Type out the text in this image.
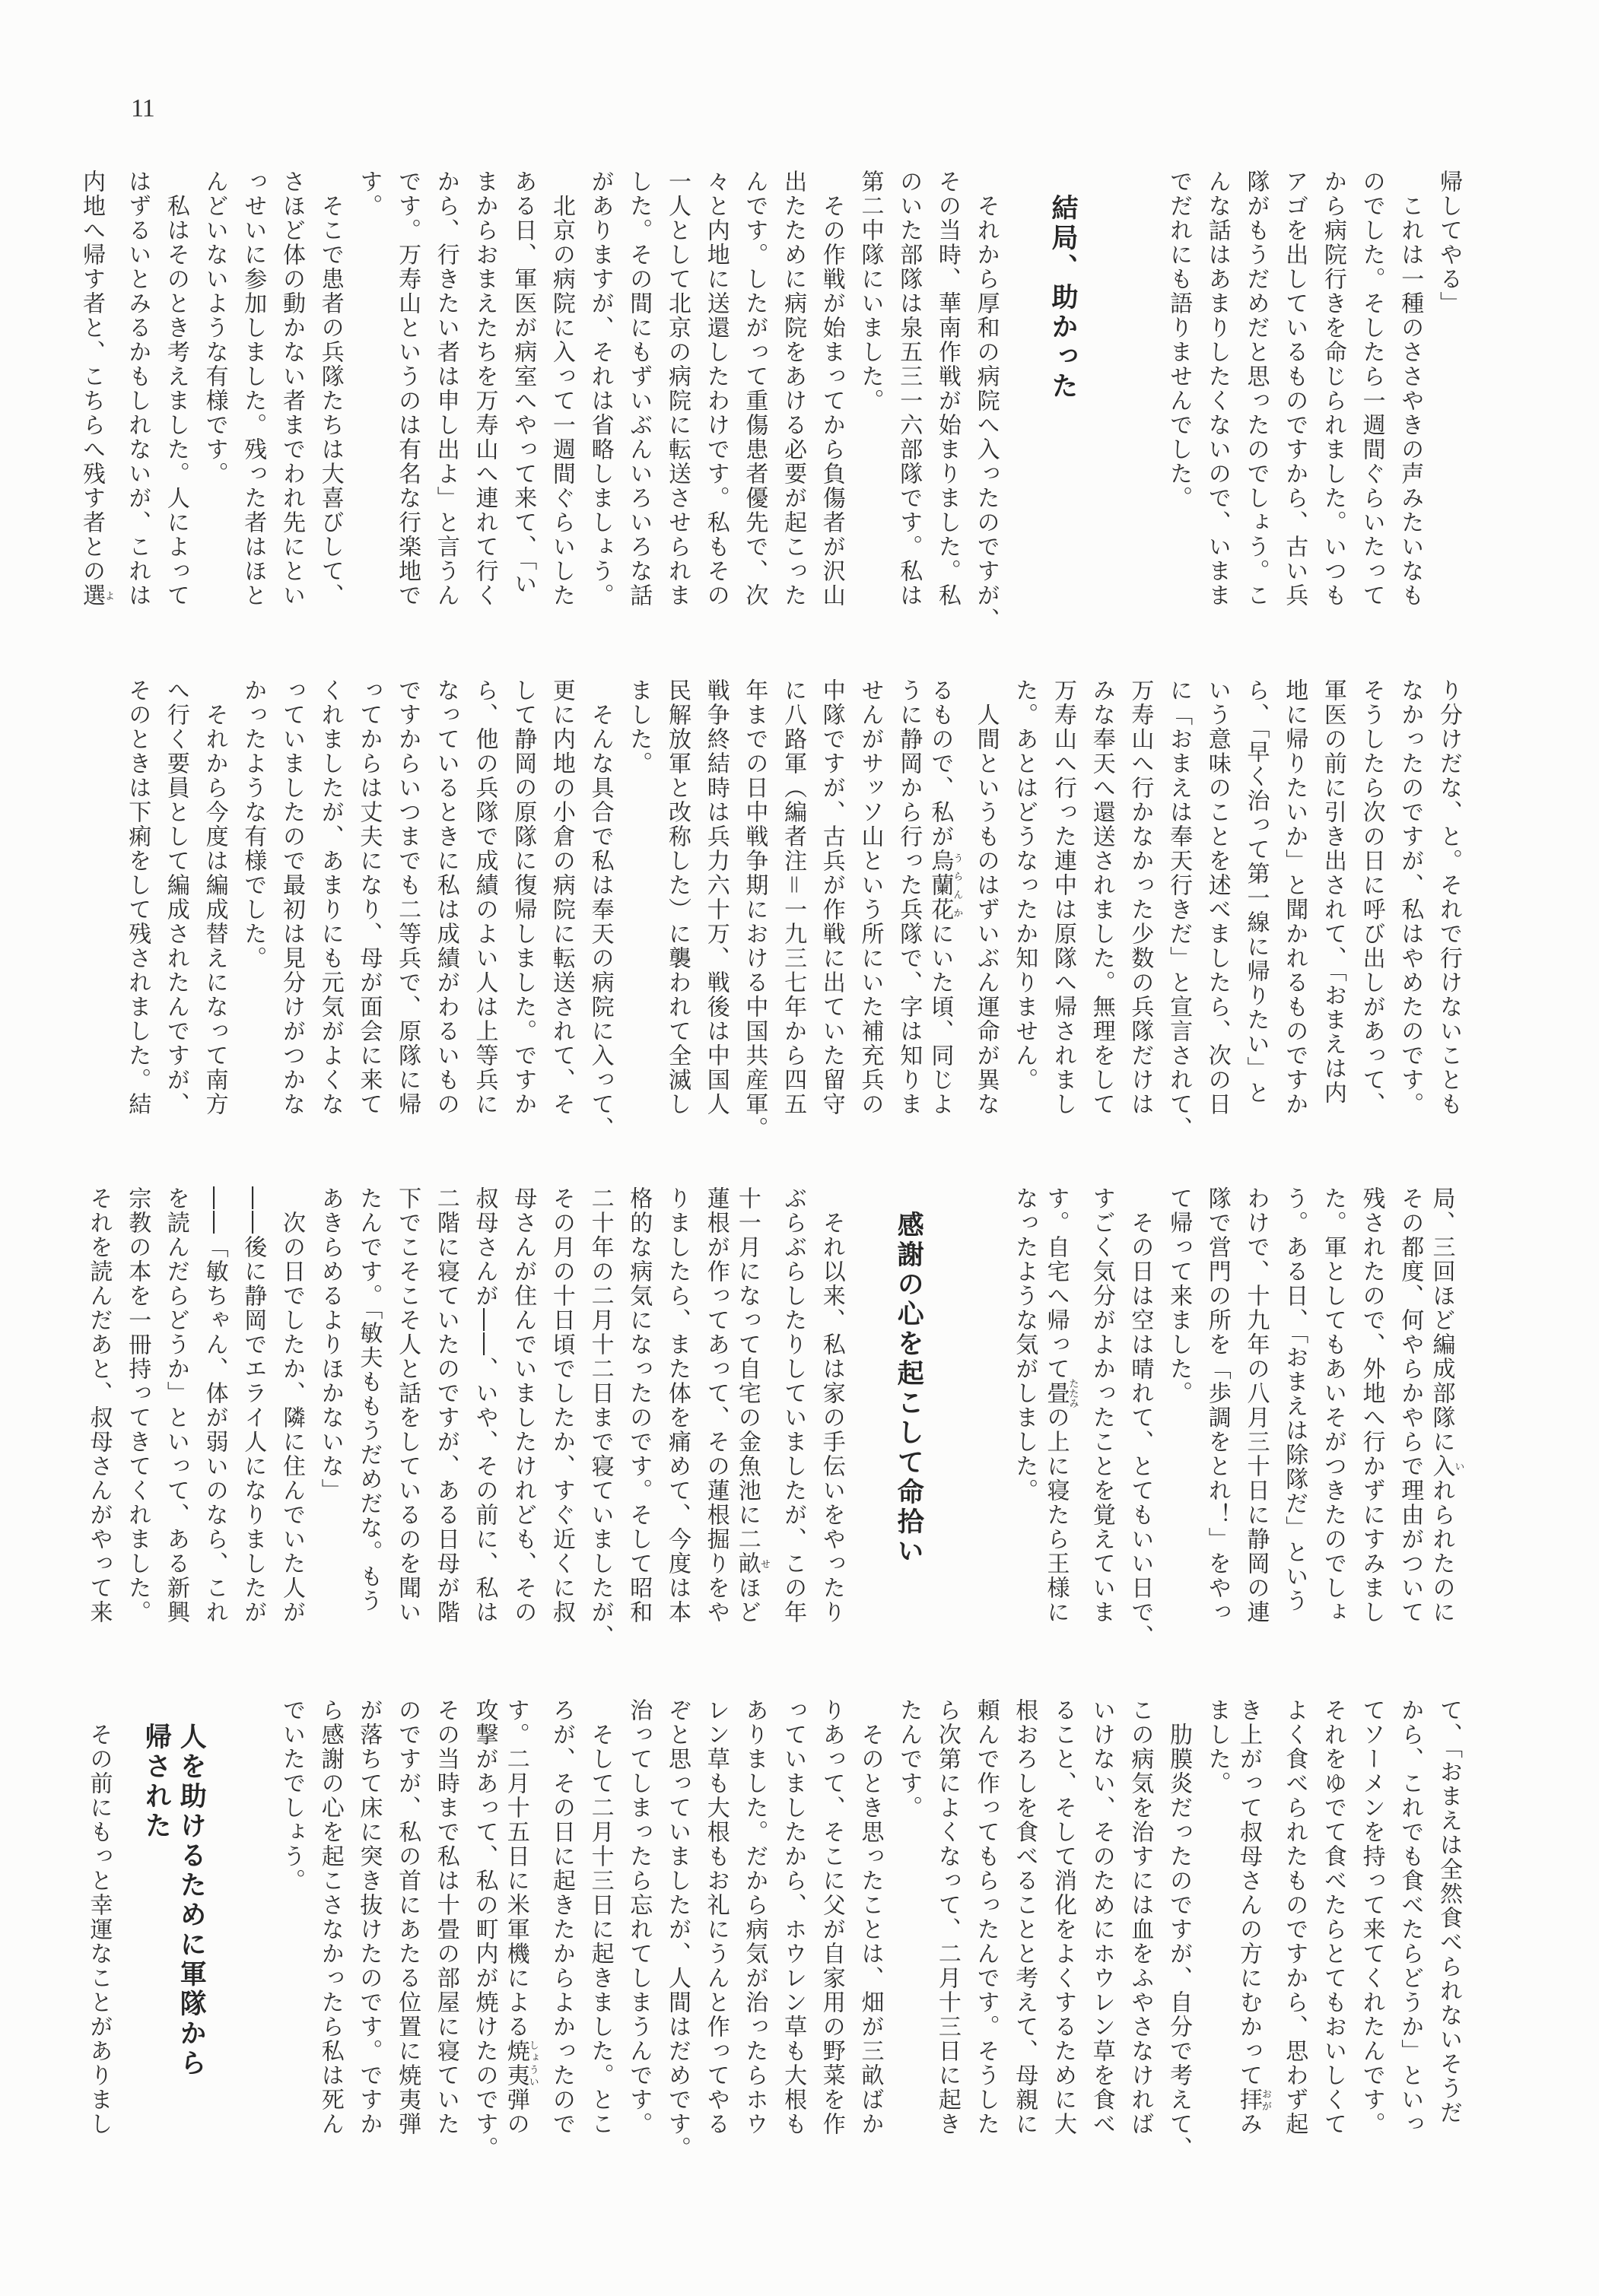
11
帰してやる」
　これは一種のささやきの声みたいなも
のでした。そしたら一週間ぐらいたって
から病院行きを命じられました。いつも
アゴを出しているものですから、古い兵
隊がもうだめだと思ったのでしょう。こ
んな話はあまりしたくないので、いまま
でだれにも語りませんでした。
結局、助かった
　それから厚和の病院へ入ったのですが、
その当時、華南作戦が始まりました。私
のいた部隊は泉五三一六部隊です。私は
第二中隊にいました。
　その作戦が始まってから負傷者が沢山
出たために病院をあける必要が起こった
んです。したがって重傷患者優先で、次
々と内地に送還したわけです。私もその
一人として北京の病院に転送させられま
した。その間にもずいぶんいろいろな話
がありますが、それは省略しましょう。
　北京の病院に入って一週間ぐらいした
ある日、軍医が病室へやって来て、「い
まからおまえたちを万寿山へ連れて行く
から、行きたい者は申し出よ」と言うん
です。万寿山というのは有名な行楽地で
す。
　そこで患者の兵隊たちは大喜びして、
さほど体の動かない者までわれ先にとい
っせいに参加しました。残った者はほと
んどいないような有様です。
　私はそのとき考えました。人によって
はずるいとみるかもしれないが、これは
内地へ帰す者と、こちらへ残す者との選よ
り分けだな、と。それで行けないことも
なかったのですが、私はやめたのです。
そうしたら次の日に呼び出しがあって、
軍医の前に引き出されて、「おまえは内
地に帰りたいか」と聞かれるものですか
ら、「早く治って第一線に帰りたい」と
いう意味のことを述べましたら、次の日
に「おまえは奉天行きだ」と宣言されて、
万寿山へ行かなかった少数の兵隊だけは
みな奉天へ還送されました。無理をして
万寿山へ行った連中は原隊へ帰されまし
た。あとはどうなったか知りません。
　人間というものはずいぶん運命が異な
るもので、私が烏蘭花うらんかにいた頃、同じよ
うに静岡から行った兵隊で、字は知りま
せんがサッソ山という所にいた補充兵の
中隊ですが、古兵が作戦に出ていた留守
に八路軍（編者注＝一九三七年から四五
年までの日中戦争期における中国共産軍。
戦争終結時は兵力六十万、戦後は中国人
民解放軍と改称した）に襲われて全滅し
ました。
　そんな具合で私は奉天の病院に入って、
更に内地の小倉の病院に転送されて、そ
して静岡の原隊に復帰しました。ですか
ら、他の兵隊で成績のよい人は上等兵に
なっているときに私は成績がわるいもの
ですからいつまでも二等兵で、原隊に帰
ってからは丈夫になり、母が面会に来て
くれましたが、あまりにも元気がよくな
っていましたので最初は見分けがつかな
かったような有様でした。
　それから今度は編成替えになって南方
へ行く要員として編成されたんですが、
そのときは下痢をして残されました。結
局、三回ほど編成部隊に入いれられたのに
その都度、何やらかやらで理由がついて
残されたので、外地へ行かずにすみまし
た。軍としてもあいそがつきたのでしょ
う。ある日、「おまえは除隊だ」という
わけで、十九年の八月三十日に静岡の連
隊で営門の所を「歩調をとれ！」をやっ
て帰って来ました。
　その日は空は晴れて、とてもいい日で、
すごく気分がよかったことを覚えていま
す。自宅へ帰って畳たたみの上に寝たら王様に
なったような気がしました。
感謝の心を起こして命拾い
　それ以来、私は家の手伝いをやったり
ぶらぶらしたりしていましたが、この年
十一月になって自宅の金魚池に二畝せほど
蓮根が作ってあって、その蓮根掘りをや
りましたら、また体を痛めて、今度は本
格的な病気になったのです。そして昭和
二十年の二月十二日まで寝ていましたが、
その月の十日頃でしたか、すぐ近くに叔
母さんが住んでいましたけれども、その
叔母さんが――、いや、その前に、私は
二階に寝ていたのですが、ある日母が階
下でこそこそ人と話をしているのを聞い
たんです。「敏夫ももうだめだな。もう
あきらめるよりほかないな」
　次の日でしたか、隣に住んでいた人が
――後に静岡でエライ人になりましたが
――「敏ちゃん、体が弱いのなら、これ
を読んだらどうか」といって、ある新興
宗教の本を一冊持ってきてくれました。
それを読んだあと、叔母さんがやって来
て、「おまえは全然食べられないそうだ
から、これでも食べたらどうか」といっ
てソーメンを持って来てくれたんです。
それをゆでて食べたらとてもおいしくて
よく食べられたものですから、思わず起
き上がって叔母さんの方にむかって拝おがみ
ました。
　肋膜炎だったのですが、自分で考えて、
この病気を治すには血をふやさなければ
いけない、そのためにホウレン草を食べ
ること、そして消化をよくするために大
根おろしを食べることと考えて、母親に
頼んで作ってもらったんです。そうした
ら次第によくなって、二月十三日に起き
たんです。
　そのとき思ったことは、畑が三畝ばか
りあって、そこに父が自家用の野菜を作
っていましたから、ホウレン草も大根も
ありました。だから病気が治ったらホウ
レン草も大根もお礼にうんと作ってやる
ぞと思っていましたが、人間はだめです。
治ってしまったら忘れてしまうんです。
　そして二月十三日に起きました。とこ
ろが、その日に起きたからよかったので
す。二月十五日に米軍機による焼夷しょうい弾の
攻撃があって、私の町内が焼けたのです。
その当時まで私は十畳の部屋に寝ていた
のですが、私の首にあたる位置に焼夷弾
が落ちて床に突き抜けたのです。ですか
ら感謝の心を起こさなかったら私は死ん
でいたでしょう。
人を助けるために軍隊から
帰された
　その前にもっと幸運なことがありまし
